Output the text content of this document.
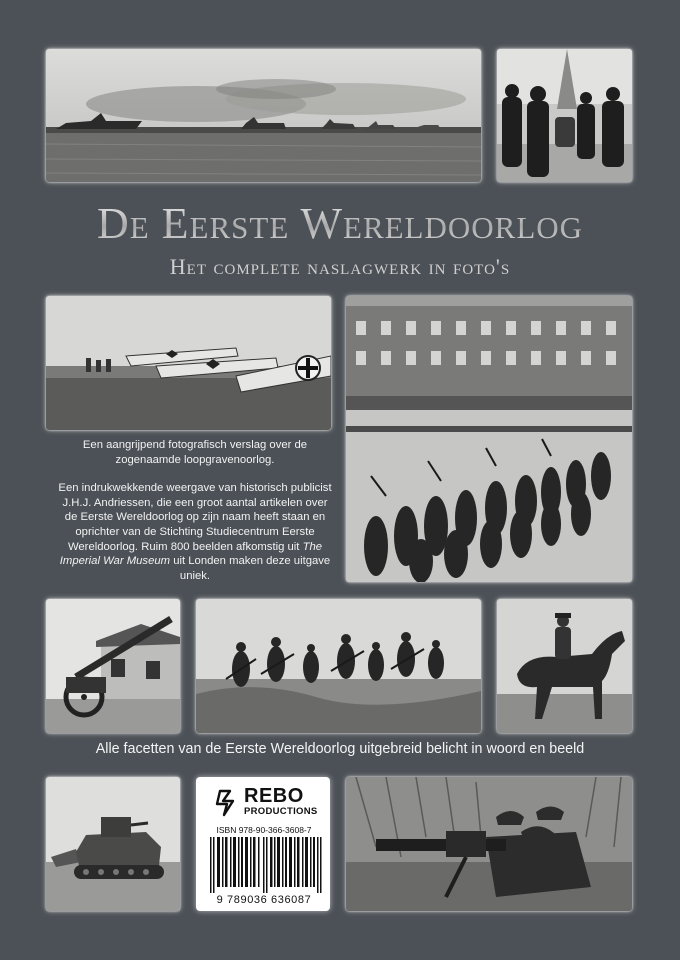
De Eerste Wereldoorlog
Het complete naslagwerk in foto's

Een aangrijpend fotografisch verslag over de zogenaamde loopgravenoorlog.

Een indrukwekkende weergave van historisch publicist J.H.J. Andriessen, die een groot aantal artikelen over de Eerste Wereldoorlog op zijn naam heeft staan en oprichter van de Stichting Studiecentrum Eerste Wereldoorlog. Ruim 800 beelden afkomstig uit The Imperial War Museum uit Londen maken deze uitgave uniek.

Alle facetten van de Eerste Wereldoorlog uitgebreid belicht in woord en beeld
REBO
PRODUCTIONS
ISBN 978-90-366-3608-7
9 789036 636087
